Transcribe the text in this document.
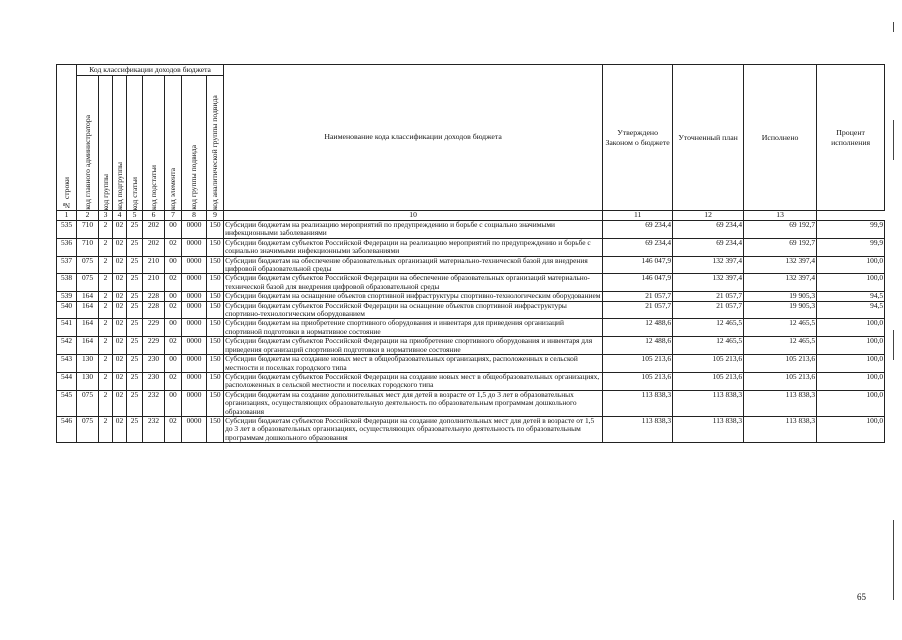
№ строки	Код классификации доходов бюджета								Наименование кода классификации доходов бюджета	Утверждено Законом о бюджете	Уточненный план	Исполнено	Процент исполнения

	код главного администратора	код группы	код подгруппы	код статьи	код подстатьи	код элемента	код группы подвида	код аналитической группы подвида					

1	2	3	4	5	6	7	8	9	10	11	12	13	
535	710	2	02	25	202	00	0000	150	Субсидии бюджетам на реализацию мероприятий по предупреждению и борьбе с социально значимыми инфекционными заболеваниями	69 234,4	69 234,4	69 192,7	99,9
536	710	2	02	25	202	02	0000	150	Субсидии бюджетам субъектов Российской Федерации на реализацию мероприятий по предупреждению и борьбе с социально значимыми инфекционными заболеваниями	69 234,4	69 234,4	69 192,7	99,9
537	075	2	02	25	210	00	0000	150	Субсидии бюджетам на обеспечение образовательных организаций материально-технической базой для внедрения цифровой образовательной среды	146 047,9	132 397,4	132 397,4	100,0
538	075	2	02	25	210	02	0000	150	Субсидии бюджетам субъектов Российской Федерации на обеспечение образовательных организаций материально-технической базой для внедрения цифровой образовательной среды	146 047,9	132 397,4	132 397,4	100,0
539	164	2	02	25	228	00	0000	150	Субсидии бюджетам на оснащение объектов спортивной инфраструктуры спортивно-технологическим оборудованием	21 057,7	21 057,7	19 905,3	94,5
540	164	2	02	25	228	02	0000	150	Субсидии бюджетам субъектов Российской Федерации на оснащение объектов спортивной инфраструктуры спортивно-технологическим оборудованием	21 057,7	21 057,7	19 905,3	94,5
541	164	2	02	25	229	00	0000	150	Субсидии бюджетам на приобретение спортивного оборудования и инвентаря для приведения организаций спортивной подготовки в нормативное состояние	12 488,6	12 465,5	12 465,5	100,0
542	164	2	02	25	229	02	0000	150	Субсидии бюджетам субъектов Российской Федерации на приобретение спортивного оборудования и инвентаря для приведения организаций спортивной подготовки в нормативное состояние	12 488,6	12 465,5	12 465,5	100,0
543	130	2	02	25	230	00	0000	150	Субсидии бюджетам на создание новых мест в общеобразовательных организациях, расположенных в сельской местности и поселках городского типа	105 213,6	105 213,6	105 213,6	100,0
544	130	2	02	25	230	02	0000	150	Субсидии бюджетам субъектов Российской Федерации на создание новых мест в общеобразовательных организациях, расположенных в сельской местности и поселках городского типа	105 213,6	105 213,6	105 213,6	100,0
545	075	2	02	25	232	00	0000	150	Субсидии бюджетам на создание дополнительных мест для детей в возрасте от 1,5 до 3 лет в образовательных организациях, осуществляющих образовательную деятельность по образовательным программам дошкольного образования	113 838,3	113 838,3	113 838,3	100,0
546	075	2	02	25	232	02	0000	150	Субсидии бюджетам субъектов Российской Федерации на создание дополнительных мест для детей в возрасте от 1,5 до 3 лет в образовательных организациях, осуществляющих образовательную деятельность по образовательным программам дошкольного образования	113 838,3	113 838,3	113 838,3	100,0
65
